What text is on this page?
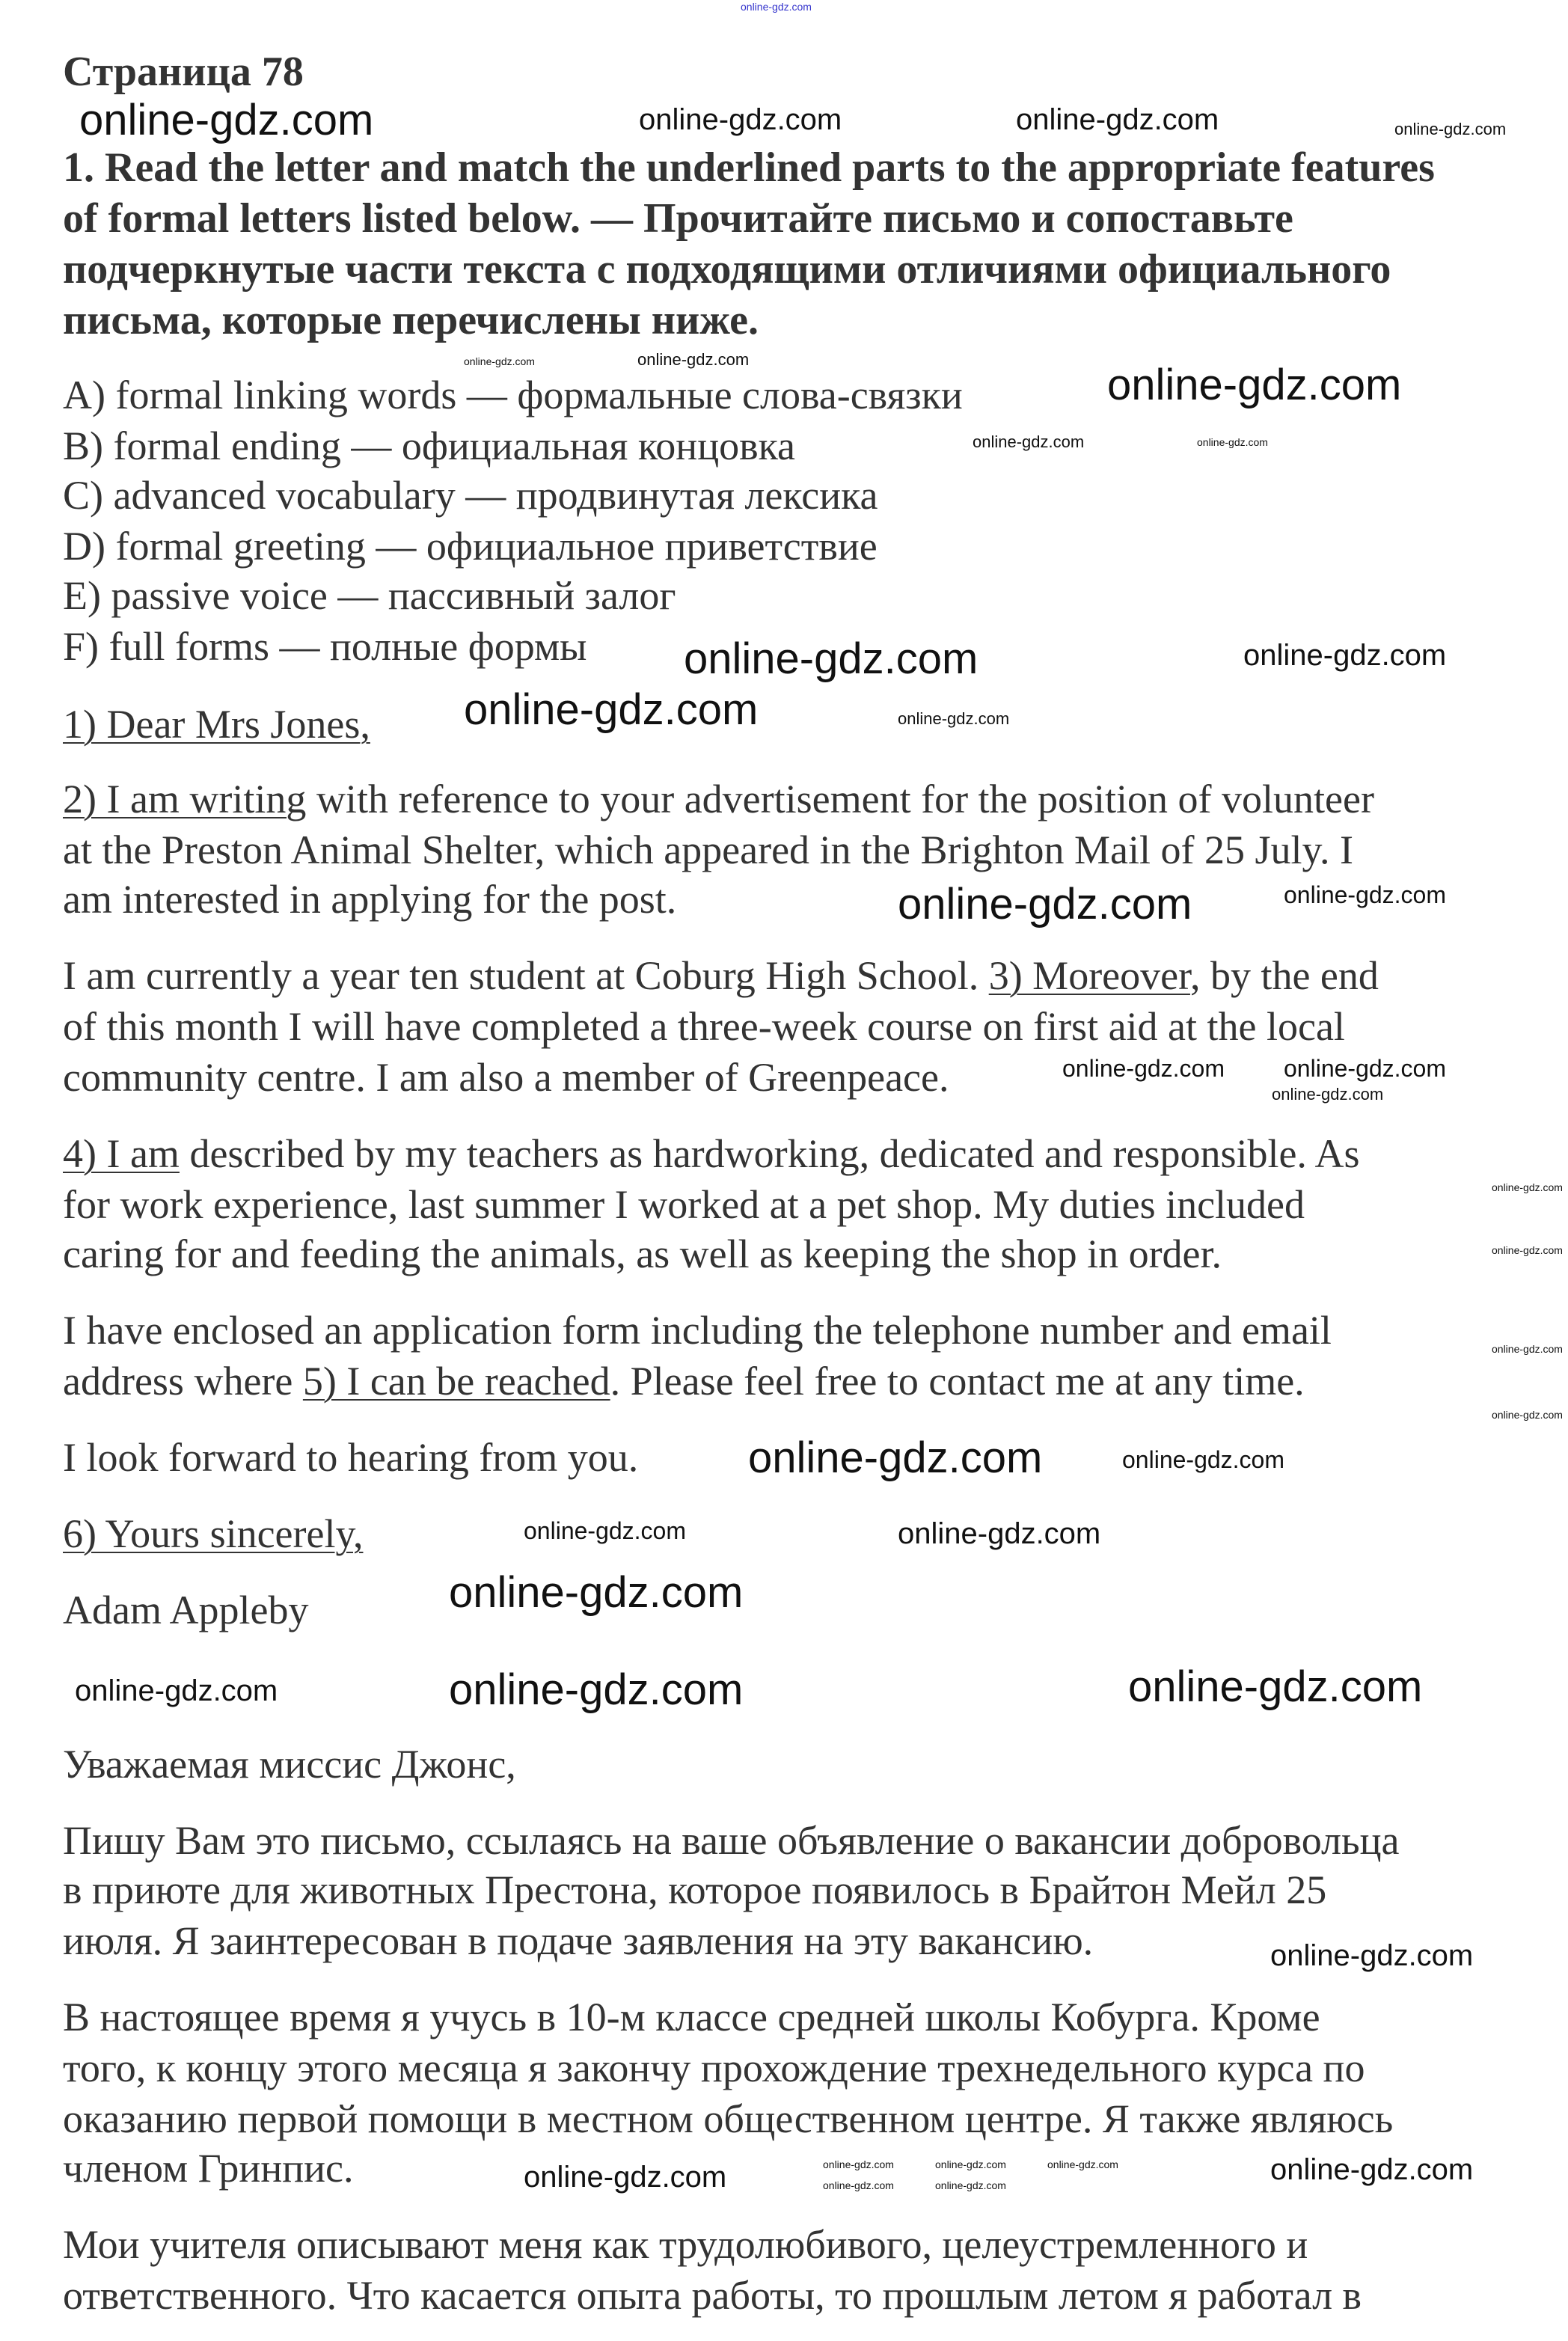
Страница 78
1. Read the letter and match the underlined parts to the appropriate features
of formal letters listed below. — Прочитайте письмо и сопоставьте
подчеркнутые части текста с подходящими отличиями официального
письма, которые перечислены ниже.
A) formal linking words — формальные слова-связки
B) formal ending — официальная концовка
C) advanced vocabulary — продвинутая лексика
D) formal greeting — официальное приветствие
E) passive voice — пассивный залог
F) full forms — полные формы
1) Dear Mrs Jones,
2) I am writing with reference to your advertisement for the position of volunteer
at the Preston Animal Shelter, which appeared in the Brighton Mail of 25 July. I
am interested in applying for the post.
I am currently a year ten student at Coburg High School. 3) Moreover, by the end
of this month I will have completed a three-week course on first aid at the local
community centre. I am also a member of Greenpeace.
4) I am described by my teachers as hardworking, dedicated and responsible. As
for work experience, last summer I worked at a pet shop. My duties included
caring for and feeding the animals, as well as keeping the shop in order.
I have enclosed an application form including the telephone number and email
address where 5) I can be reached. Please feel free to contact me at any time.
I look forward to hearing from you.
6) Yours sincerely,
Adam Appleby
Уважаемая миссис Джонс,
Пишу Вам это письмо, ссылаясь на ваше объявление о вакансии добровольца
в приюте для животных Престона, которое появилось в Брайтон Мейл 25
июля. Я заинтересован в подаче заявления на эту вакансию.
В настоящее время я учусь в 10-м классе средней школы Кобурга. Кроме
того, к концу этого месяца я закончу прохождение трехнедельного курса по
оказанию первой помощи в местном общественном центре. Я также являюсь
членом Гринпис.
Мои учителя описывают меня как трудолюбивого, целеустремленного и
ответственного. Что касается опыта работы, то прошлым летом я работал в
online-gdz.com
online-gdz.com	online-gdz.com	online-gdz.com	online-gdz.com
online-gdz.com
online-gdz.com
online-gdz.com	online-gdz.com
online-gdz.com
online-gdz.com	online-gdz.com
online-gdz.com
online-gdz.com
online-gdz.com
online-gdz.com
online-gdz.com online-gdz.com
online-gdz.com
online-gdz.com
online-gdz.com
online-gdz.com
online-gdz.com
online-gdz.com
online-gdz.com	online-gdz.com
online-gdz.com
online-gdz.com
online-gdz.com
online-gdz.com
online-gdz.com	online-gdz.com
online-gdz.com
online-gdz.com	online-gdz.com	online-gdz.com	online-gdz.com
online-gdz.com	online-gdz.com
